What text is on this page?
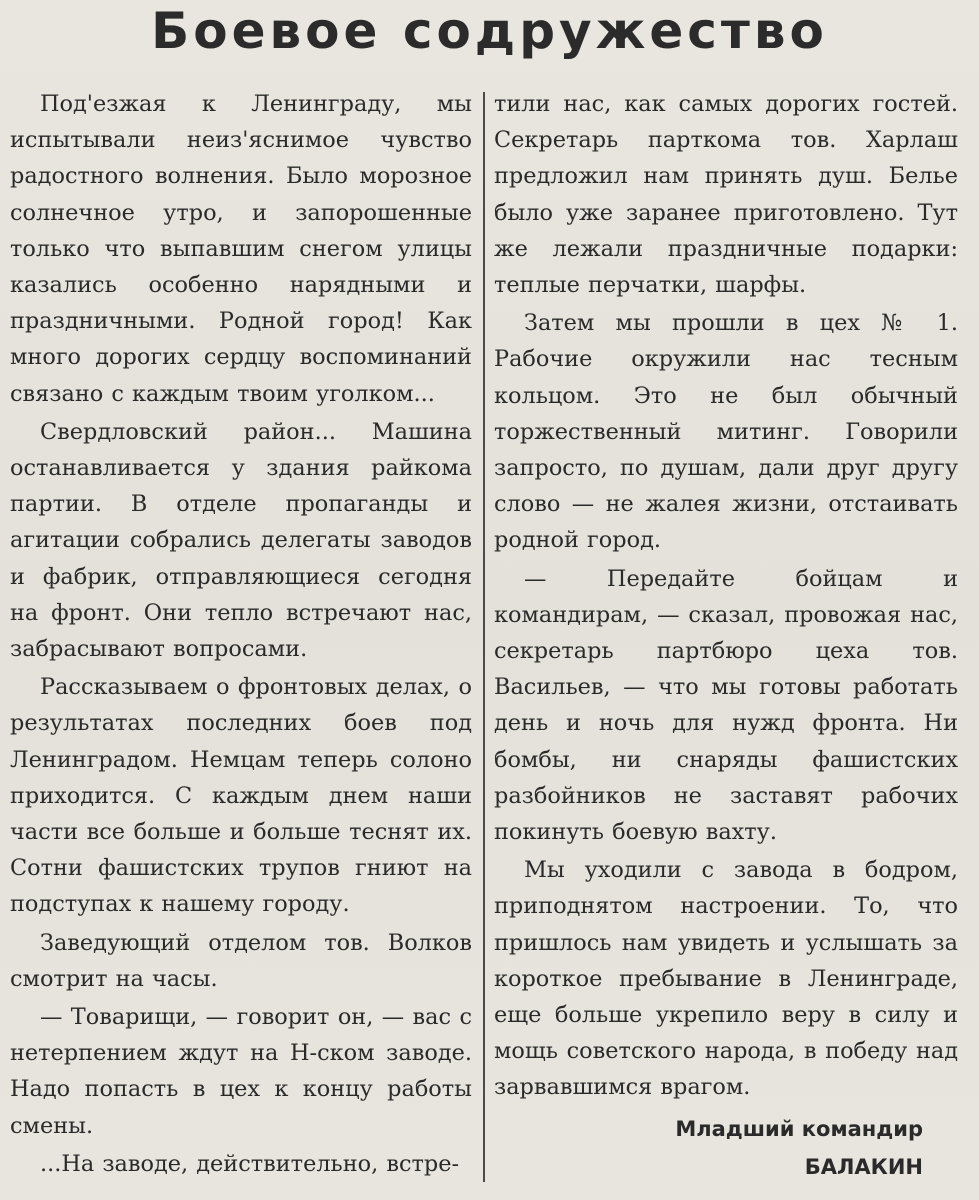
Боевое содружество

Под'езжая к Ленинграду, мы испытывали неиз'яснимое чувство радостного волнения. Было морозное солнечное утро, и запорошенные только что выпавшим снегом улицы казались особенно нарядными и праздничными. Родной город! Как много дорогих сердцу воспоминаний связано с каждым твоим уголком...

Свердловский район... Машина останавливается у здания райкома партии. В отделе пропаганды и агитации собрались делегаты заводов и фабрик, отправляющиеся сегодня на фронт. Они тепло встречают нас, забрасывают вопросами.

Рассказываем о фронтовых делах, о результатах последних боев под Ленинградом. Немцам теперь солоно приходится. С каждым днем наши части все больше и больше теснят их. Сотни фашистских трупов гниют на подступах к нашему городу.

Заведующий отделом тов. Волков смотрит на часы.

— Товарищи, — говорит он, — вас с нетерпением ждут на Н-ском заводе. Надо попасть в цех к концу работы смены.

...На заводе, действительно, встре-

тили нас, как самых дорогих гостей. Секретарь парткома тов. Харлаш предложил нам принять душ. Белье было уже заранее приготовлено. Тут же лежали праздничные подарки: теплые перчатки, шарфы.

Затем мы прошли в цех № 1. Рабочие окружили нас тесным кольцом. Это не был обычный торжественный митинг. Говорили запросто, по душам, дали друг другу слово — не жалея жизни, отстаивать родной город.

— Передайте бойцам и командирам, — сказал, провожая нас, секретарь партбюро цеха тов. Васильев, — что мы готовы работать день и ночь для нужд фронта. Ни бомбы, ни снаряды фашистских разбойников не заставят рабочих покинуть боевую вахту.

Мы уходили с завода в бодром, приподнятом настроении. То, что пришлось нам увидеть и услышать за короткое пребывание в Ленинграде, еще больше укрепило веру в силу и мощь советского народа, в победу над зарвавшимся врагом.

Младший командир
БАЛАКИН
